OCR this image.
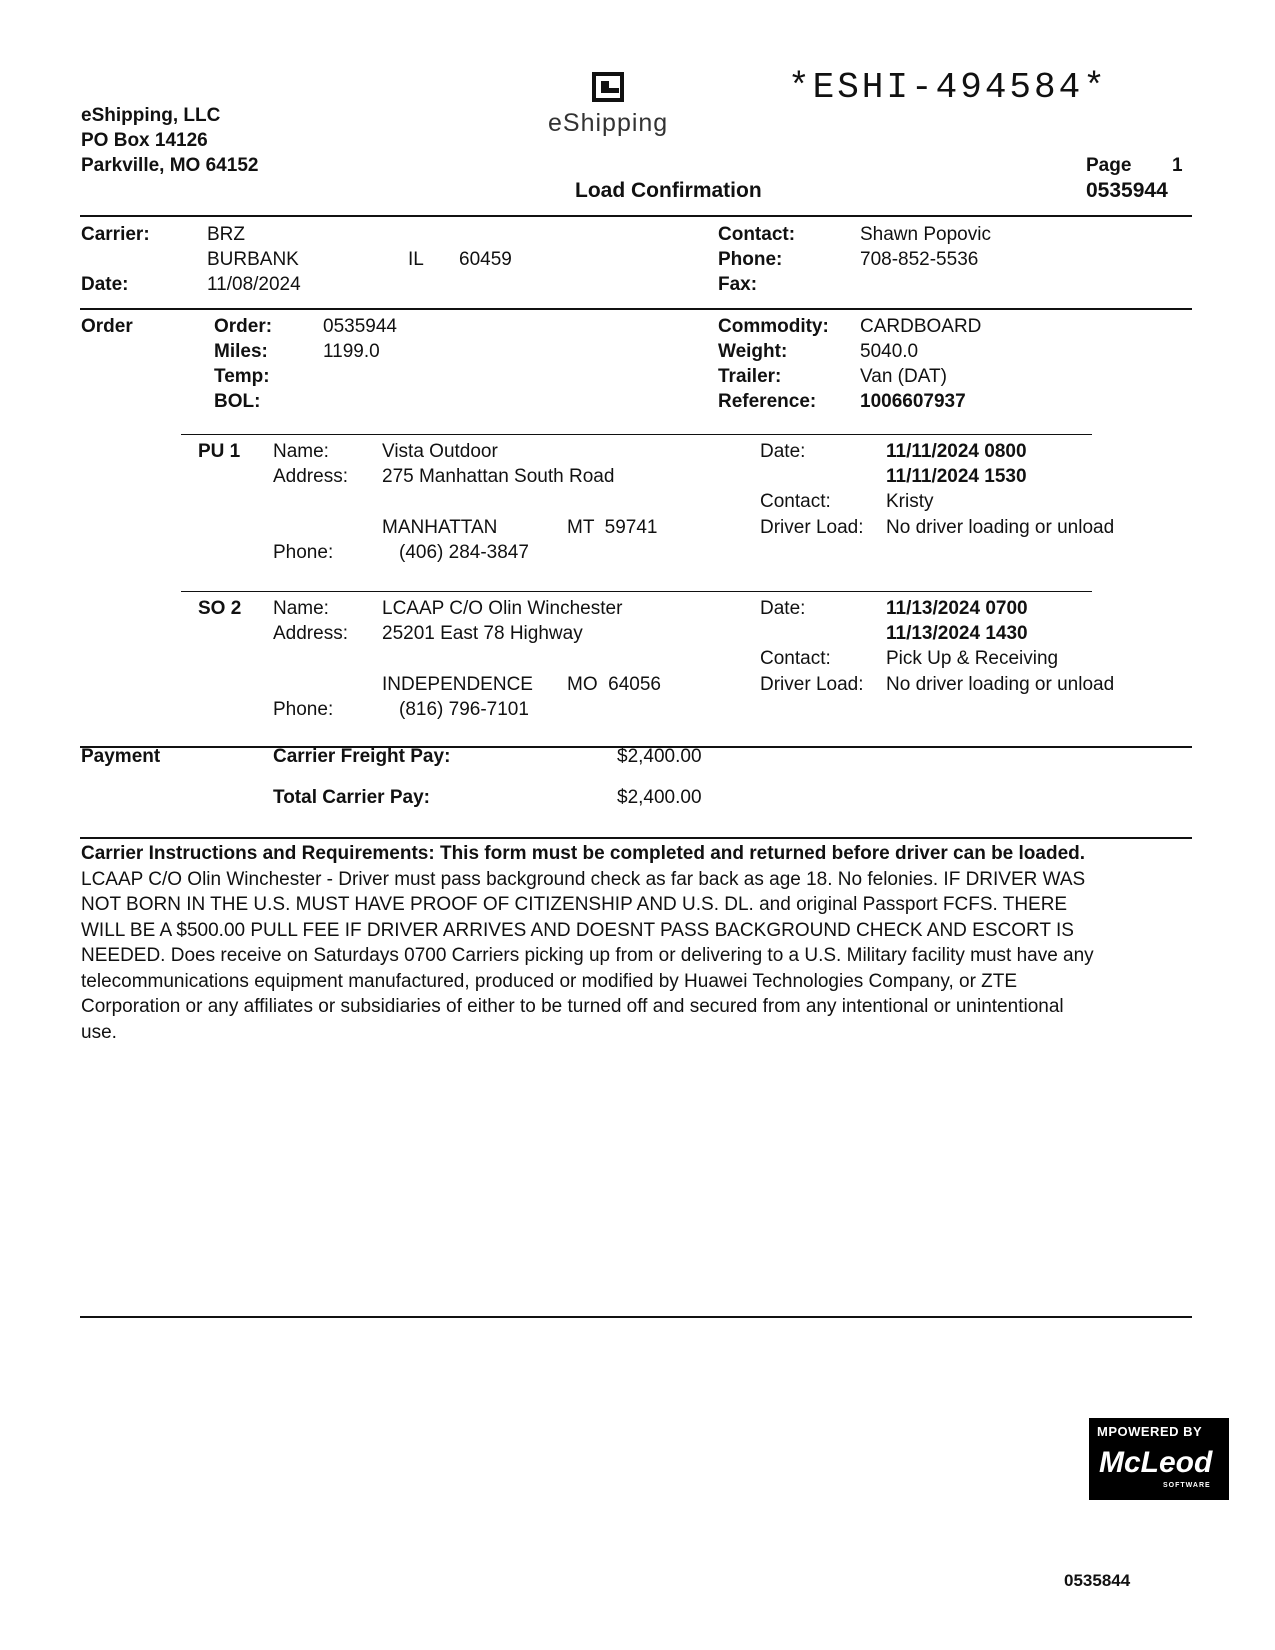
*ESHI-494584*
eShipping
eShipping, LLC
PO Box 14126
Parkville, MO 64152	Page 1
Load Confirmation	0535944
Carrier:	BRZ
BURBANK	IL 60459
Date:	11/08/2024
Contact:	Shawn Popovic
Phone:	708-852-5536
Fax:
Order	Order:	0535944
Miles:	1199.0
Temp:
BOL:
Commodity: CARDBOARD
Weight:	5040.0
Trailer:	Van (DAT)
Reference: 1006607937
PU 1 Name:	Vista Outdoor
Address: 275 Manhattan South Road
MANHATTAN	MT  59741
Phone:	(406) 284-3847
Date:	11/11/2024 0800
11/11/2024 1530
Contact:	Kristy
Driver Load: No driver loading or unload
SO 2 Name:	LCAAP C/O Olin Winchester
Address: 25201 East 78 Highway
INDEPENDENCE MO  64056
Phone:	(816) 796-7101
Date:	11/13/2024 0700
11/13/2024 1430
Contact:	Pick Up & Receiving
Driver Load: No driver loading or unload
Payment	Carrier Freight Pay:	$2,400.00
Total Carrier Pay:	$2,400.00
Carrier Instructions and Requirements: This form must be completed and returned before driver can be loaded.
LCAAP C/O Olin Winchester - Driver must pass background check as far back as age 18. No felonies. IF DRIVER WAS NOT BORN IN THE U.S. MUST HAVE PROOF OF CITIZENSHIP AND U.S. DL. and original Passport FCFS. THERE WILL BE A $500.00 PULL FEE IF DRIVER ARRIVES AND DOESNT PASS BACKGROUND CHECK AND ESCORT IS NEEDED. Does receive on Saturdays 0700 Carriers picking up from or delivering to a U.S. Military facility must have any telecommunications equipment manufactured, produced or modified by Huawei Technologies Company, or ZTE Corporation or any affiliates or subsidiaries of either to be turned off and secured from any intentional or unintentional use.
MPOWERED BY
McLeod
SOFTWARE
0535844
